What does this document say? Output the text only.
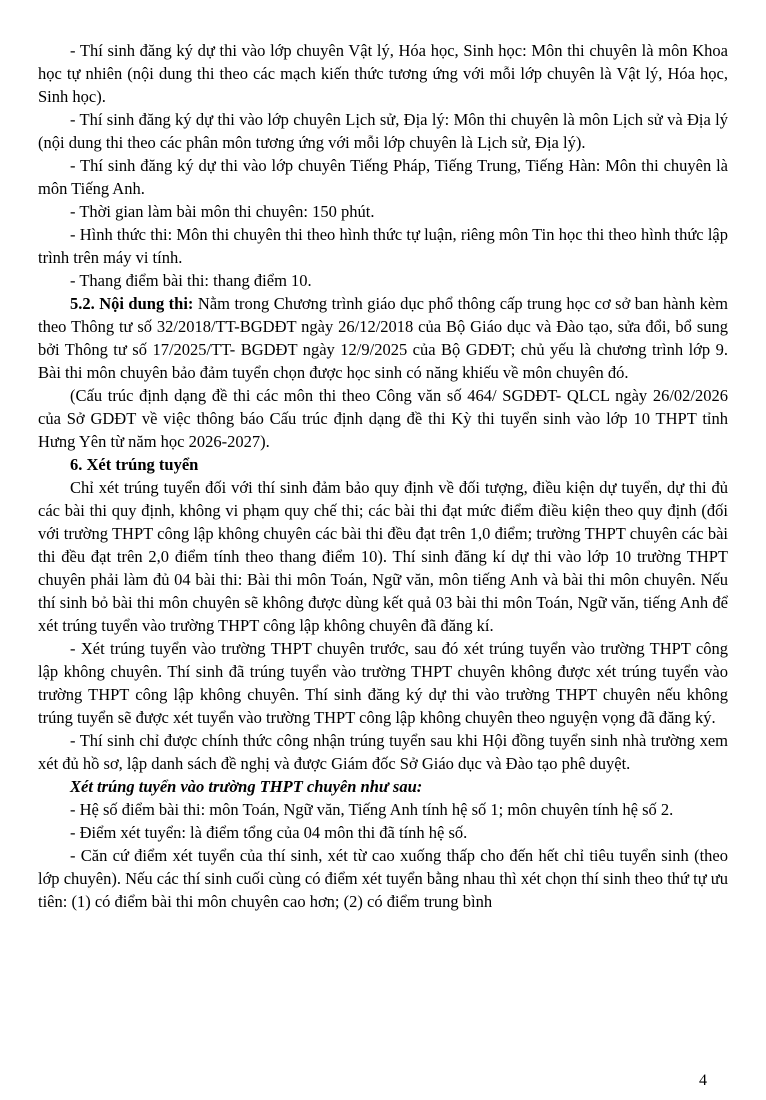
- Thí sinh đăng ký dự thi vào lớp chuyên Vật lý, Hóa học, Sinh học: Môn thi chuyên là môn Khoa học tự nhiên (nội dung thi theo các mạch kiến thức tương ứng với mỗi lớp chuyên là Vật lý, Hóa học, Sinh học).

- Thí sinh đăng ký dự thi vào lớp chuyên Lịch sử, Địa lý: Môn thi chuyên là môn Lịch sử và Địa lý (nội dung thi theo các phân môn tương ứng với mỗi lớp chuyên là Lịch sử, Địa lý).

- Thí sinh đăng ký dự thi vào lớp chuyên Tiếng Pháp, Tiếng Trung, Tiếng Hàn: Môn thi chuyên là môn Tiếng Anh.

- Thời gian làm bài môn thi chuyên: 150 phút.

- Hình thức thi: Môn thi chuyên thi theo hình thức tự luận, riêng môn Tin học thi theo hình thức lập trình trên máy vi tính.

- Thang điểm bài thi: thang điểm 10.

5.2. Nội dung thi: Nằm trong Chương trình giáo dục phổ thông cấp trung học cơ sở ban hành kèm theo Thông tư số 32/2018/TT-BGDĐT ngày 26/12/2018 của Bộ Giáo dục và Đào tạo, sửa đổi, bổ sung bởi Thông tư số 17/2025/TT- BGDĐT ngày 12/9/2025 của Bộ GDĐT; chủ yếu là chương trình lớp 9. Bài thi môn chuyên bảo đảm tuyển chọn được học sinh có năng khiếu về môn chuyên đó.

(Cấu trúc định dạng đề thi các môn thi theo Công văn số 464/ SGDĐT- QLCL ngày 26/02/2026 của Sở GDĐT về việc thông báo Cấu trúc định dạng đề thi Kỳ thi tuyển sinh vào lớp 10 THPT tỉnh Hưng Yên từ năm học 2026-2027).

6. Xét trúng tuyển

Chỉ xét trúng tuyển đối với thí sinh đảm bảo quy định về đối tượng, điều kiện dự tuyển, dự thi đủ các bài thi quy định, không vi phạm quy chế thi; các bài thi đạt mức điểm điều kiện theo quy định (đối với trường THPT công lập không chuyên các bài thi đều đạt trên 1,0 điểm; trường THPT chuyên các bài thi đều đạt trên 2,0 điểm tính theo thang điểm 10). Thí sinh đăng kí dự thi vào lớp 10 trường THPT chuyên phải làm đủ 04 bài thi: Bài thi môn Toán, Ngữ văn, môn tiếng Anh và bài thi môn chuyên. Nếu thí sinh bỏ bài thi môn chuyên sẽ không được dùng kết quả 03 bài thi môn Toán, Ngữ văn, tiếng Anh để xét trúng tuyển vào trường THPT công lập không chuyên đã đăng kí.

- Xét trúng tuyển vào trường THPT chuyên trước, sau đó xét trúng tuyển vào trường THPT công lập không chuyên. Thí sinh đã trúng tuyển vào trường THPT chuyên không được xét trúng tuyển vào trường THPT công lập không chuyên. Thí sinh đăng ký dự thi vào trường THPT chuyên nếu không trúng tuyển sẽ được xét tuyển vào trường THPT công lập không chuyên theo nguyện vọng đã đăng ký.

- Thí sinh chỉ được chính thức công nhận trúng tuyển sau khi Hội đồng tuyển sinh nhà trường xem xét đủ hồ sơ, lập danh sách đề nghị và được Giám đốc Sở Giáo dục và Đào tạo phê duyệt.

Xét trúng tuyển vào trường THPT chuyên như sau:

- Hệ số điểm bài thi: môn Toán, Ngữ văn, Tiếng Anh tính hệ số 1; môn chuyên tính hệ số 2.

- Điểm xét tuyển: là điểm tổng của 04 môn thi đã tính hệ số.

- Căn cứ điểm xét tuyển của thí sinh, xét từ cao xuống thấp cho đến hết chỉ tiêu tuyển sinh (theo lớp chuyên). Nếu các thí sinh cuối cùng có điểm xét tuyển bằng nhau thì xét chọn thí sinh theo thứ tự ưu tiên: (1) có điểm bài thi môn chuyên cao hơn; (2) có điểm trung bình

4
